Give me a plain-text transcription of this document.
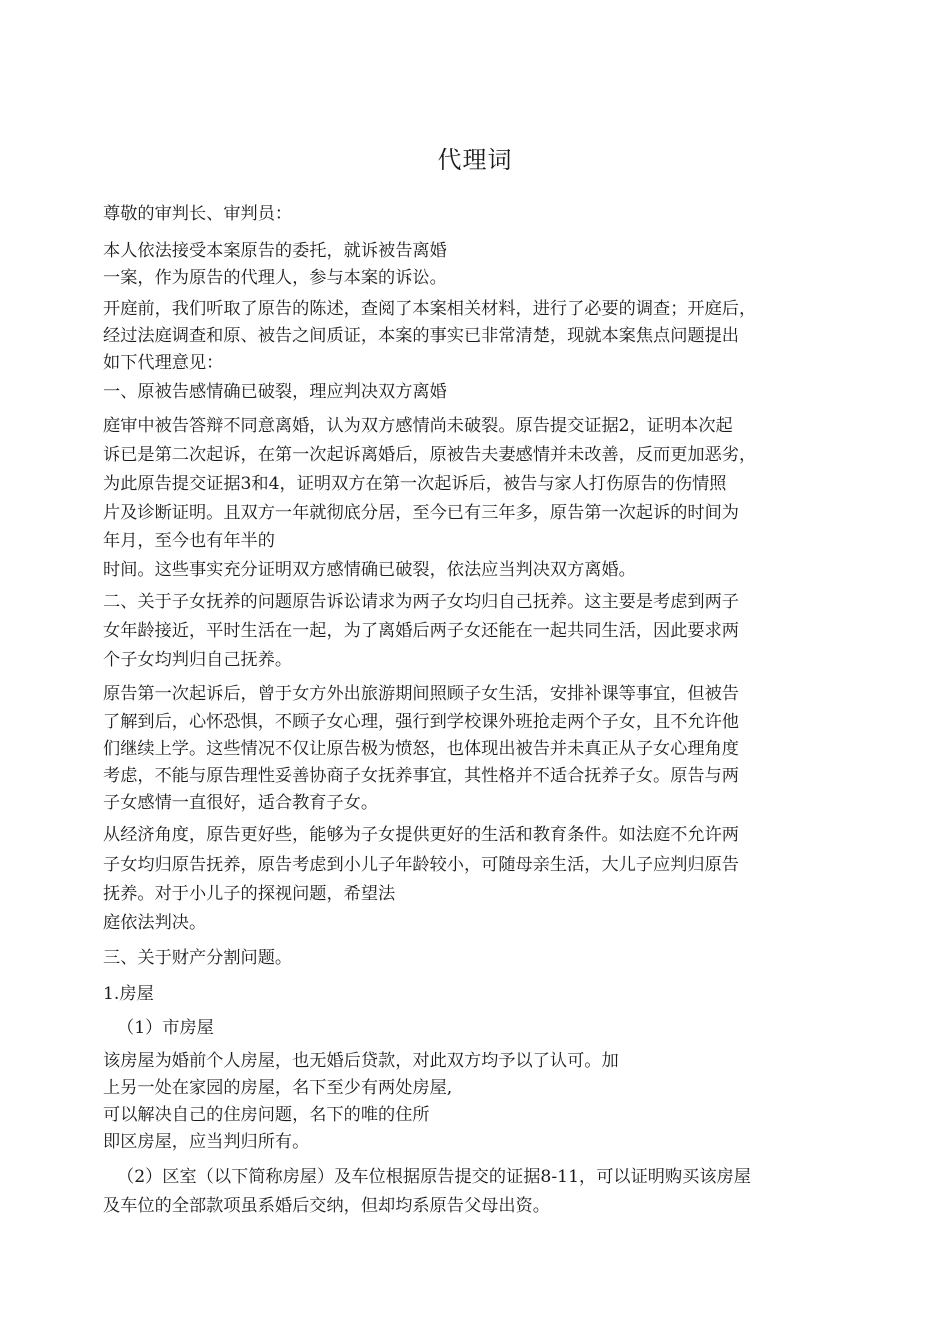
代理词
尊敬的审判长、审判员：
本人依法接受本案原告的委托，就诉被告离婚
一案，作为原告的代理人，参与本案的诉讼。
开庭前，我们听取了原告的陈述，查阅了本案相关材料，进行了必要的调查；开庭后，
经过法庭调查和原、被告之间质证，本案的事实已非常清楚，现就本案焦点问题提出
如下代理意见：
一、原被告感情确已破裂，理应判决双方离婚
庭审中被告答辩不同意离婚，认为双方感情尚未破裂。原告提交证据2，证明本次起
诉已是第二次起诉，在第一次起诉离婚后，原被告夫妻感情并未改善，反而更加恶劣，
为此原告提交证据3和4，证明双方在第一次起诉后，被告与家人打伤原告的伤情照
片及诊断证明。且双方一年就彻底分居，至今已有三年多，原告第一次起诉的时间为
年月，至今也有年半的
时间。这些事实充分证明双方感情确已破裂，依法应当判决双方离婚。
二、关于子女抚养的问题原告诉讼请求为两子女均归自己抚养。这主要是考虑到两子
女年龄接近，平时生活在一起，为了离婚后两子女还能在一起共同生活，因此要求两
个子女均判归自己抚养。
原告第一次起诉后，曾于女方外出旅游期间照顾子女生活，安排补课等事宜，但被告
了解到后，心怀恐惧，不顾子女心理，强行到学校课外班抢走两个子女，且不允许他
们继续上学。这些情况不仅让原告极为愤怒，也体现出被告并未真正从子女心理角度
考虑，不能与原告理性妥善协商子女抚养事宜，其性格并不适合抚养子女。原告与两
子女感情一直很好，适合教育子女。
从经济角度，原告更好些，能够为子女提供更好的生活和教育条件。如法庭不允许两
子女均归原告抚养，原告考虑到小儿子年龄较小，可随母亲生活，大儿子应判归原告
抚养。对于小儿子的探视问题，希望法
庭依法判决。
三、关于财产分割问题。
1.房屋
（1）市房屋
该房屋为婚前个人房屋，也无婚后贷款，对此双方均予以了认可。加
上另一处在家园的房屋，名下至少有两处房屋,
可以解决自己的住房问题，名下的唯的住所
即区房屋，应当判归所有。
（2）区室（以下简称房屋）及车位根据原告提交的证据8-11，可以证明购买该房屋
及车位的全部款项虽系婚后交纳，但却均系原告父母出资。
